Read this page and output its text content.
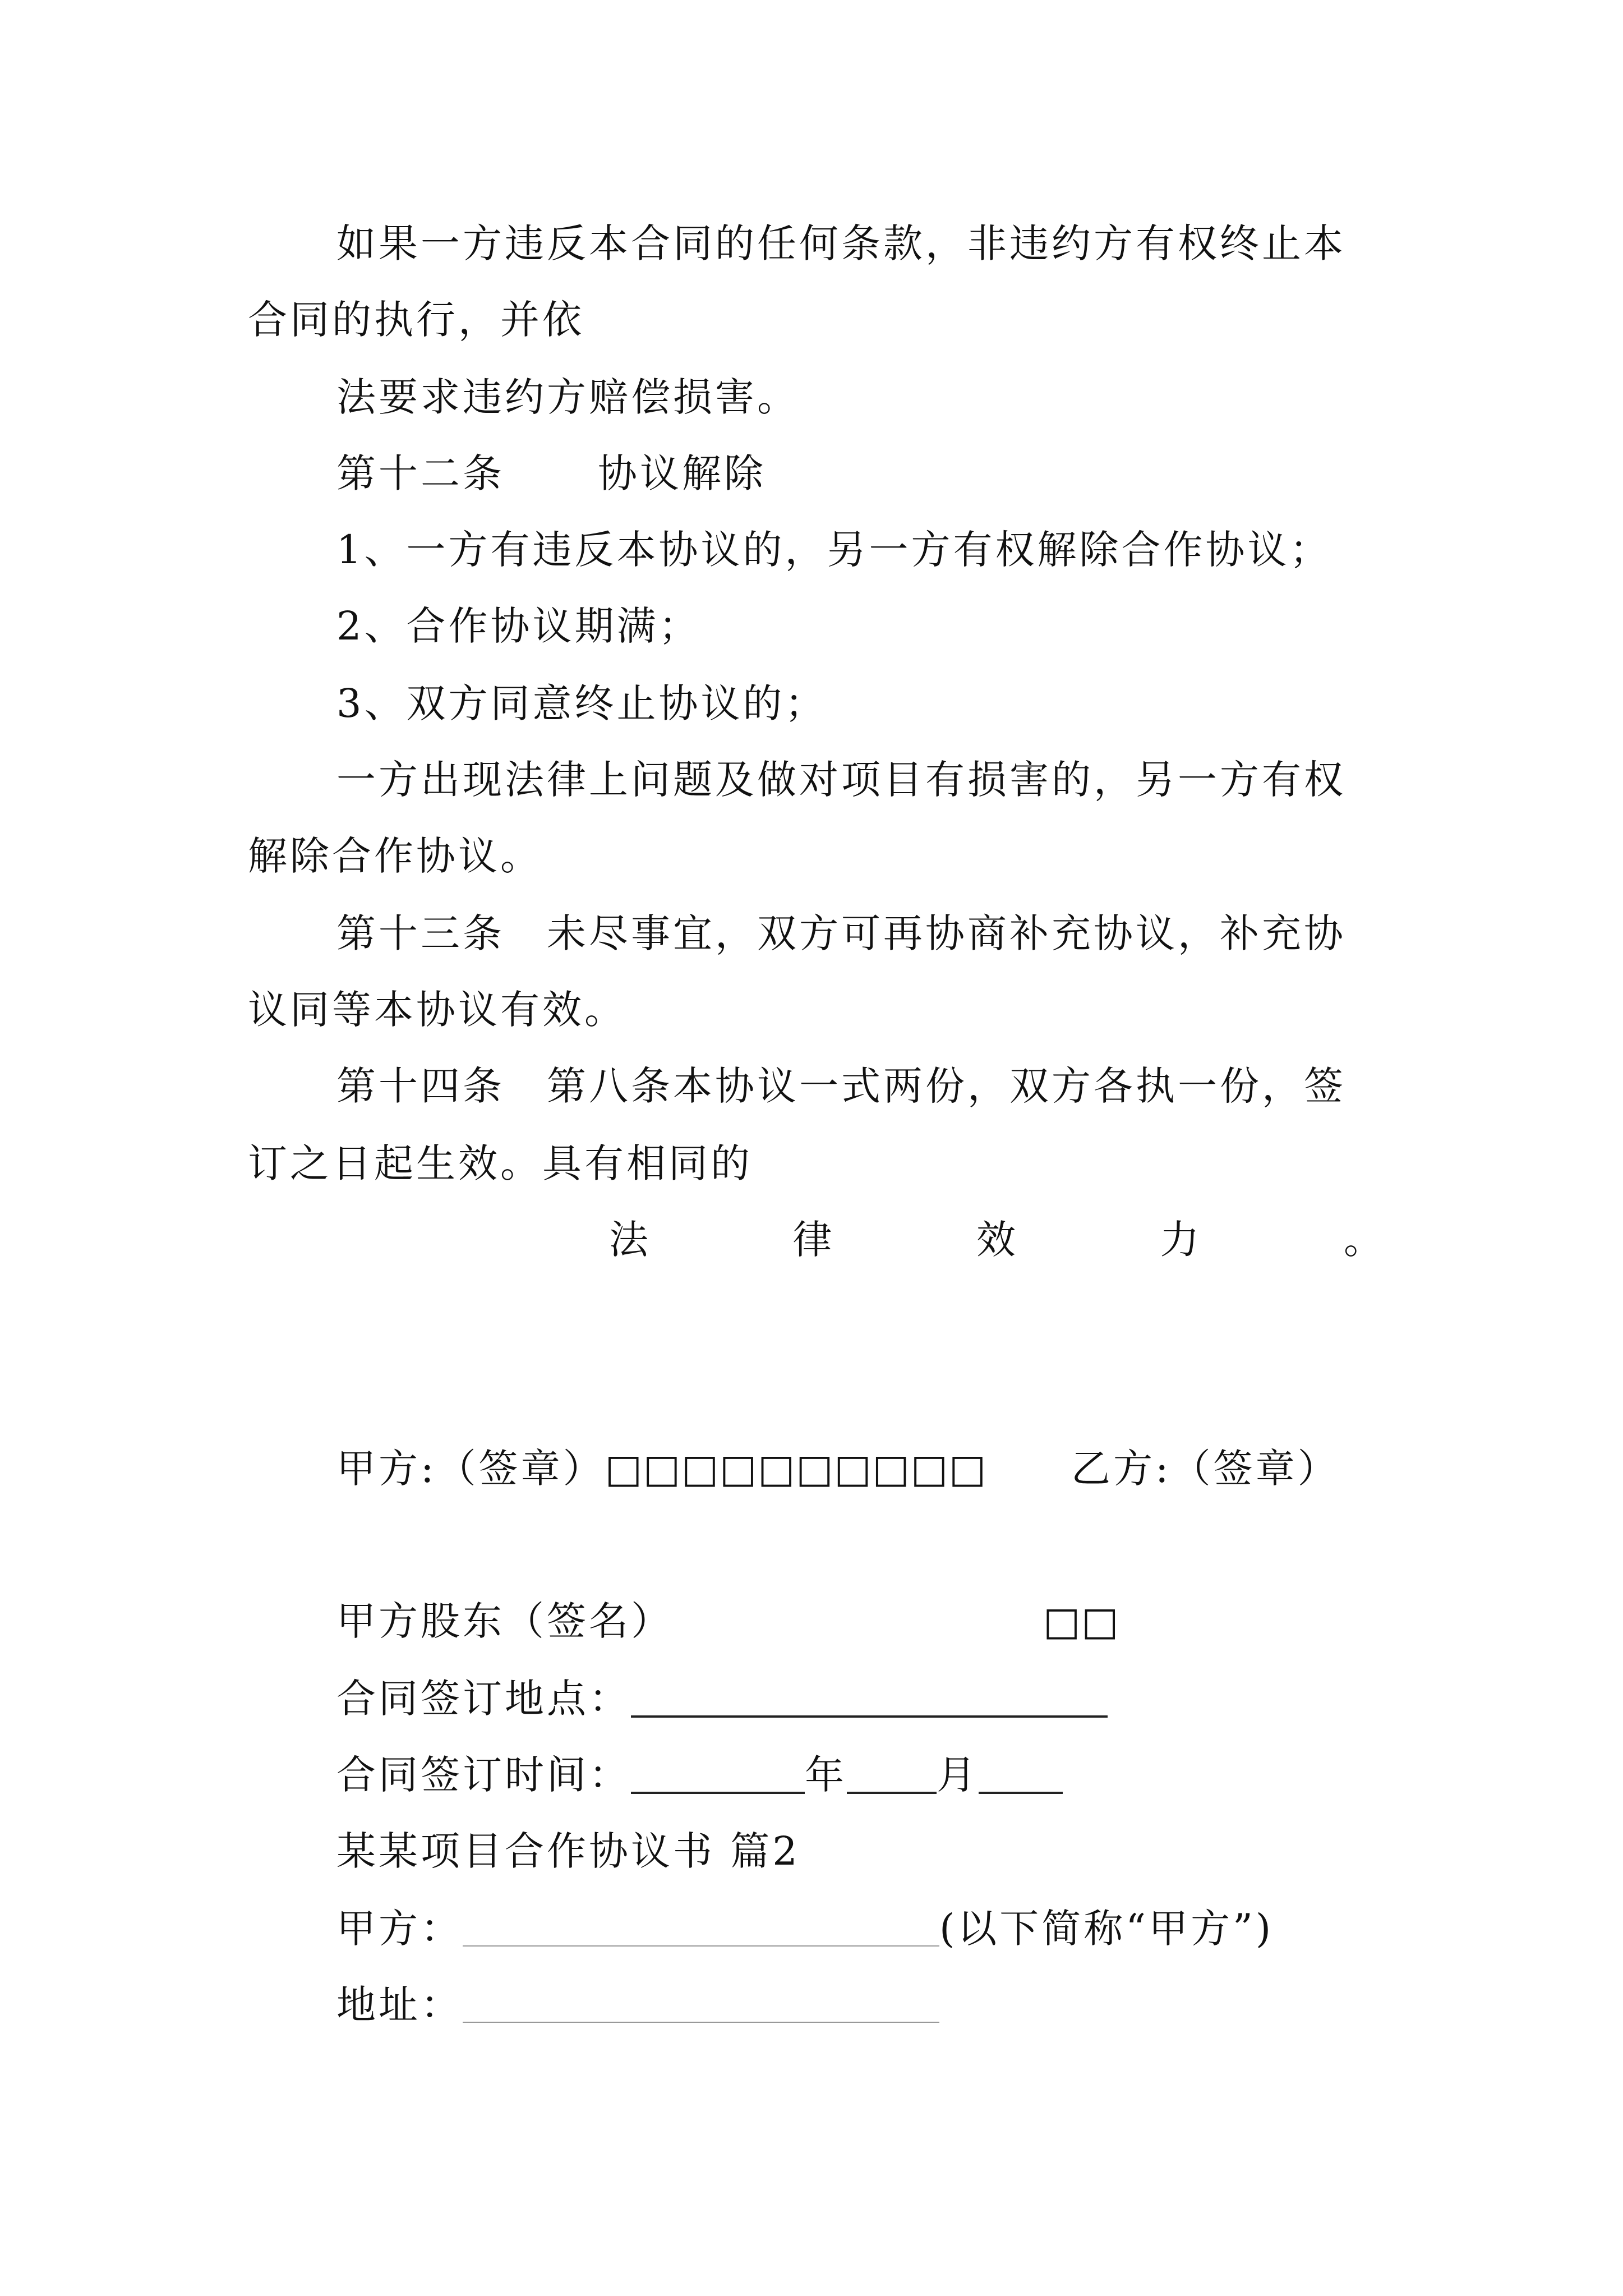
如果一方违反本合同的任何条款，非违约方有权终止本
合同的执行，并依
法要求违约方赔偿损害。
第十二条 协议解除
1、一方有违反本协议的，另一方有权解除合作协议；
2、合作协议期满；
3、双方同意终止协议的；
一方出现法律上问题及做对项目有损害的，另一方有权
解除合作协议。
第十三条　未尽事宜，双方可再协商补充协议，补充协
议同等本协议有效。
第十四条　第八条本协议一式两份，双方各执一份，签
订之日起生效。具有相同的
法	律	效	力	。
甲方:（签章）□□□□□□□□□□ 乙方:（签章）
甲方股东（签名）	□□
合同签订地点：
合同签订时间：	年 月
某某项目合作协议书 篇2
甲方：	(以下简称“甲方”)
地址：
